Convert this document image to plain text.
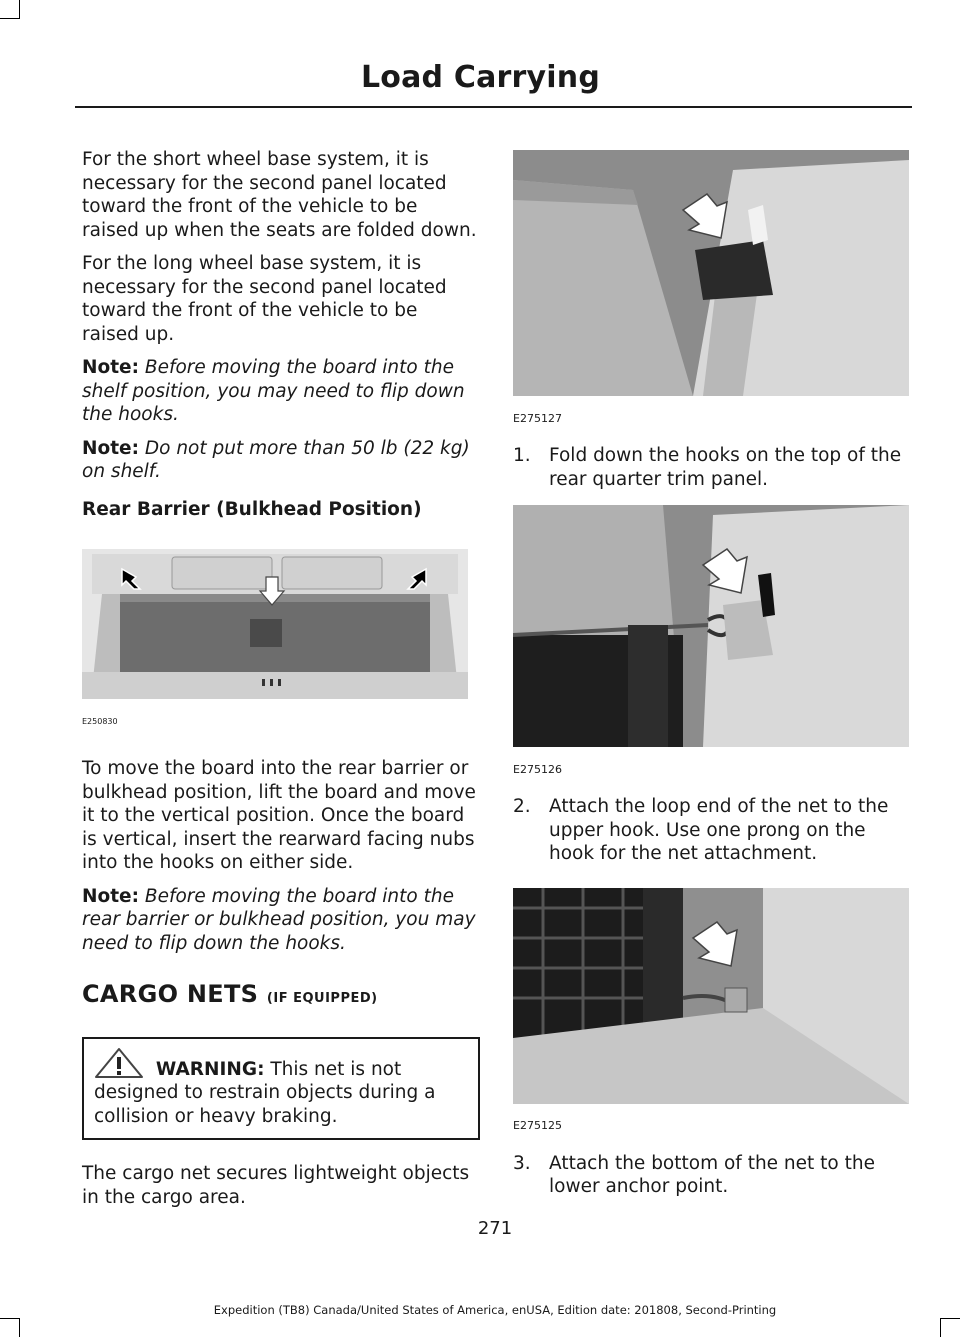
Load Carrying

For the short wheel base system, it is necessary for the second panel located toward the front of the vehicle to be raised up when the seats are folded down.

For the long wheel base system, it is necessary for the second panel located toward the front of the vehicle to be raised up.

Note: Before moving the board into the shelf position, you may need to flip down the hooks.

Note: Do not put more than 50 lb (22 kg) on shelf.

Rear Barrier (Bulkhead Position)
E250830

To move the board into the rear barrier or bulkhead position, lift the board and move it to the vertical position. Once the board is vertical, insert the rearward facing nubs into the hooks on either side.

Note: Before moving the board into the rear barrier or bulkhead position, you may need to flip down the hooks.

CARGO NETS (IF EQUIPPED)
WARNING: This net is not designed to restrain objects during a collision or heavy braking.

The cargo net secures lightweight objects in the cargo area.

E275127
1. Fold down the hooks on the top of the rear quarter trim panel.
E275126
2. Attach the loop end of the net to the upper hook. Use one prong on the hook for the net attachment.
E275125
3. Attach the bottom of the net to the lower anchor point.
271
Expedition (TB8) Canada/United States of America, enUSA, Edition date: 201808, Second-Printing
